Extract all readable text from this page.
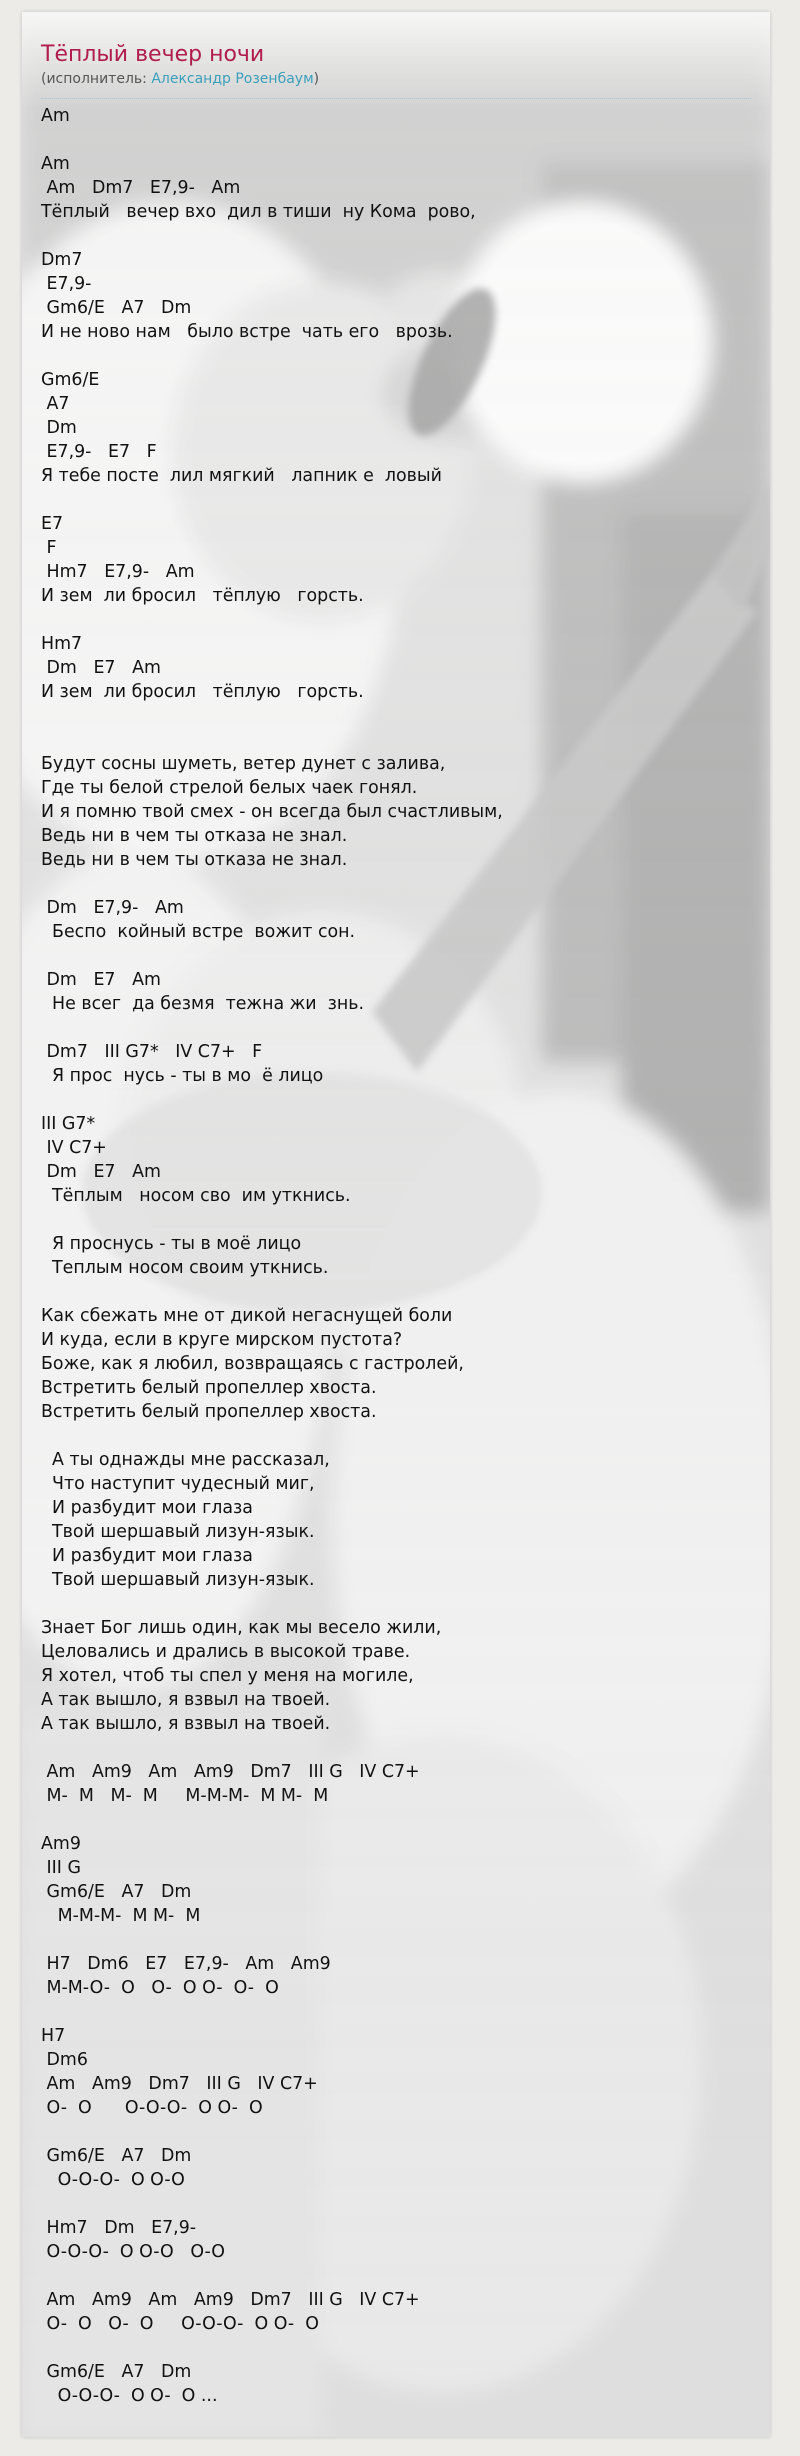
Тёплый вечер ночи
(исполнитель: Александр Розенбаум)
Am

Am
Am   Dm7   E7,9-   Am
Тёплый   вечер вхо  дил в тиши  ну Кома  рово,

Dm7
E7,9-
Gm6/E   A7   Dm
И не ново нам   было встре  чать его   врозь.

Gm6/E
A7
Dm
E7,9-   E7   F
Я тебе посте  лил мягкий   лапник е  ловый

E7
F
Hm7   E7,9-   Am
И зем  ли бросил   тёплую   горсть.

Hm7
Dm   E7   Am
И зем  ли бросил   тёплую   горсть.

Будут сосны шуметь, ветер дунет с залива,
Где ты белой стрелой белых чаек гонял.
И я помню твой смех - он всегда был счастливым,
Ведь ни в чем ты отказа не знал.
Ведь ни в чем ты отказа не знал.

Dm   E7,9-   Am
Беспо  койный встре  вожит сон.

Dm   E7   Am
Не всег  да безмя  тежна жи  знь.

Dm7   III G7*   IV C7+   F
Я прос  нусь - ты в мо  ё лицо

III G7*
IV C7+
Dm   E7   Am
Тёплым   носом сво  им уткнись.

Я проснусь - ты в моё лицо
Теплым носом своим уткнись.

Как сбежать мне от дикой негаснущей боли
И куда, если в круге мирском пустота?
Боже, как я любил, возвращаясь с гастролей,
Встретить белый пропеллер хвоста.
Встретить белый пропеллер хвоста.

А ты однажды мне рассказал,
Что наступит чудесный миг,
И разбудит мои глаза
Твой шершавый лизун-язык.
И разбудит мои глаза
Твой шершавый лизун-язык.

Знает Бог лишь один, как мы весело жили,
Целовались и дрались в высокой траве.
Я хотел, чтоб ты спел у меня на могиле,
А так вышло, я взвыл на твоей.
А так вышло, я взвыл на твоей.

Am   Am9   Am   Am9   Dm7   III G   IV C7+
M-  M   M-  M     M-M-M-  M M-  M

Am9
III G
Gm6/E   A7   Dm
M-M-M-  M M-  M

H7   Dm6   E7   E7,9-   Am   Am9
M-M-O-  O   O-  O O-  O-  O

H7
Dm6
Am   Am9   Dm7   III G   IV C7+
O-  O      O-O-O-  O O-  O

Gm6/E   A7   Dm
O-O-O-  O O-O

Hm7   Dm   E7,9-
O-O-O-  O O-O   O-O

Am   Am9   Am   Am9   Dm7   III G   IV C7+
O-  O   O-  O     O-O-O-  O O-  O

Gm6/E   A7   Dm
O-O-O-  O O-  O ...
